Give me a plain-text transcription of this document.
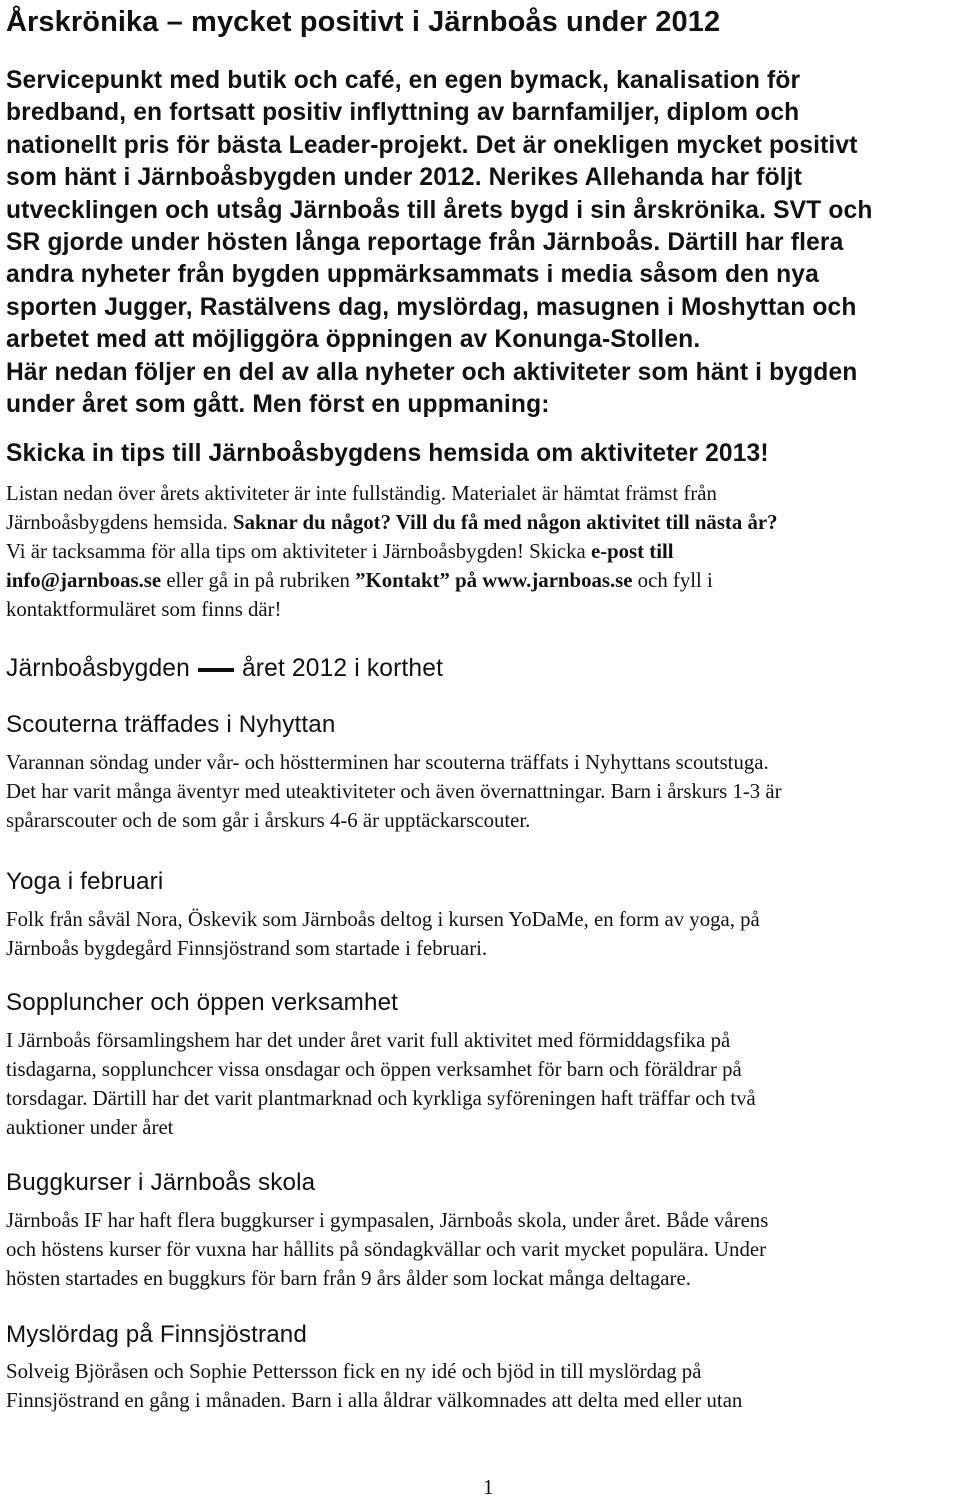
Årskrönika – mycket positivt i Järnboås under 2012

Servicepunkt med butik och café, en egen bymack, kanalisation för
bredband, en fortsatt positiv inflyttning av barnfamiljer, diplom och
nationellt pris för bästa Leader-projekt. Det är onekligen mycket positivt
som hänt i Järnboåsbygden under 2012. Nerikes Allehanda har följt
utvecklingen och utsåg Järnboås till årets bygd i sin årskrönika. SVT och
SR gjorde under hösten långa reportage från Järnboås. Därtill har flera
andra nyheter från bygden uppmärksammats i media såsom den nya
sporten Jugger, Rastälvens dag, myslördag, masugnen i Moshyttan och
arbetet med att möjliggöra öppningen av Konunga-Stollen.
Här nedan följer en del av alla nyheter och aktiviteter som hänt i bygden
under året som gått. Men först en uppmaning:

Skicka in tips till Järnboåsbygdens hemsida om aktiviteter 2013!

Listan nedan över årets aktiviteter är inte fullständig. Materialet är hämtat främst från
Järnboåsbygdens hemsida. Saknar du något? Vill du få med någon aktivitet till nästa år?
Vi är tacksamma för alla tips om aktiviteter i Järnboåsbygden! Skicka e-post till
info@jarnboas.se eller gå in på rubriken ”Kontakt” på www.jarnboas.se och fyll i
kontaktformuläret som finns där!

Järnboåsbygden året 2012 i korthet

Scouterna träffades i Nyhyttan

Varannan söndag under vår- och höstterminen har scouterna träffats i Nyhyttans scoutstuga.
Det har varit många äventyr med uteaktiviteter och även övernattningar. Barn i årskurs 1-3 är
spårarscouter och de som går i årskurs 4-6 är upptäckarscouter.

Yoga i februari

Folk från såväl Nora, Öskevik som Järnboås deltog i kursen YoDaMe, en form av yoga, på
Järnboås bygdegård Finnsjöstrand som startade i februari.

Soppluncher och öppen verksamhet

I Järnboås församlingshem har det under året varit full aktivitet med förmiddagsfika på
tisdagarna, sopplunchcer vissa onsdagar och öppen verksamhet för barn och föräldrar på
torsdagar. Därtill har det varit plantmarknad och kyrkliga syföreningen haft träffar och två
auktioner under året

Buggkurser i Järnboås skola

Järnboås IF har haft flera buggkurser i gympasalen, Järnboås skola, under året. Både vårens
och höstens kurser för vuxna har hållits på söndagkvällar och varit mycket populära. Under
hösten startades en buggkurs för barn från 9 års ålder som lockat många deltagare.

Myslördag på Finnsjöstrand

Solveig Björåsen och Sophie Pettersson fick en ny idé och bjöd in till myslördag på
Finnsjöstrand en gång i månaden. Barn i alla åldrar välkomnades att delta med eller utan

1
